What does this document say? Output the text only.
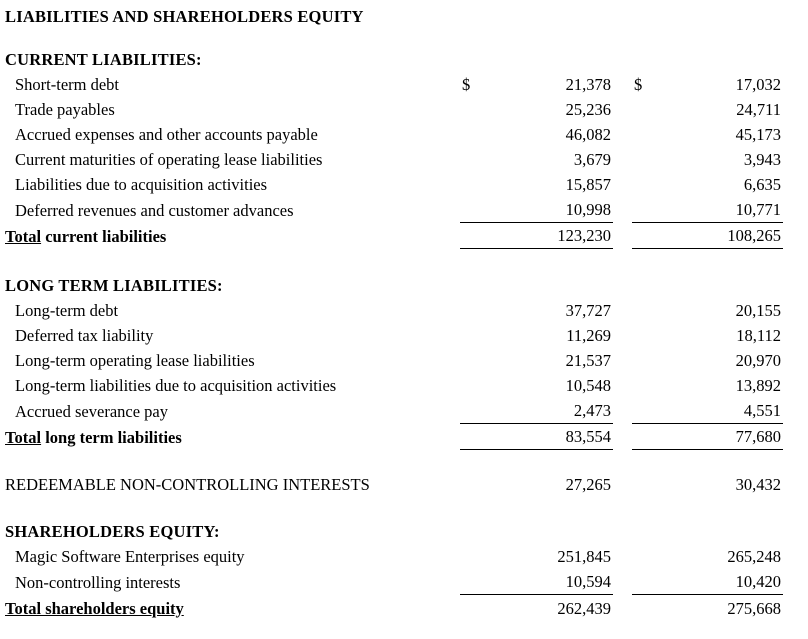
LIABILITIES AND SHAREHOLDERS EQUITY
CURRENT LIABILITIES:			
Short-term debt	$ 21,378		$ 17,032

Trade payables	25,236		24,711

Accrued expenses and other accounts payable	46,082		45,173

Current maturities of operating lease liabilities	3,679		3,943

Liabilities due to acquisition activities	15,857		6,635

Deferred revenues and customer advances	10,998		10,771

Total current liabilities	123,230		108,265

LONG TERM LIABILITIES:			
Long-term debt	37,727		20,155

Deferred tax liability	11,269		18,112

Long-term operating lease liabilities	21,537		20,970

Long-term liabilities due to acquisition activities	10,548		13,892

Accrued severance pay	2,473		4,551

Total long term liabilities	83,554		77,680

REDEEMABLE NON-CONTROLLING INTERESTS	27,265		30,432

SHAREHOLDERS EQUITY:			
Magic Software Enterprises equity	251,845		265,248

Non-controlling interests	10,594		10,420

Total shareholders equity	262,439		275,668
